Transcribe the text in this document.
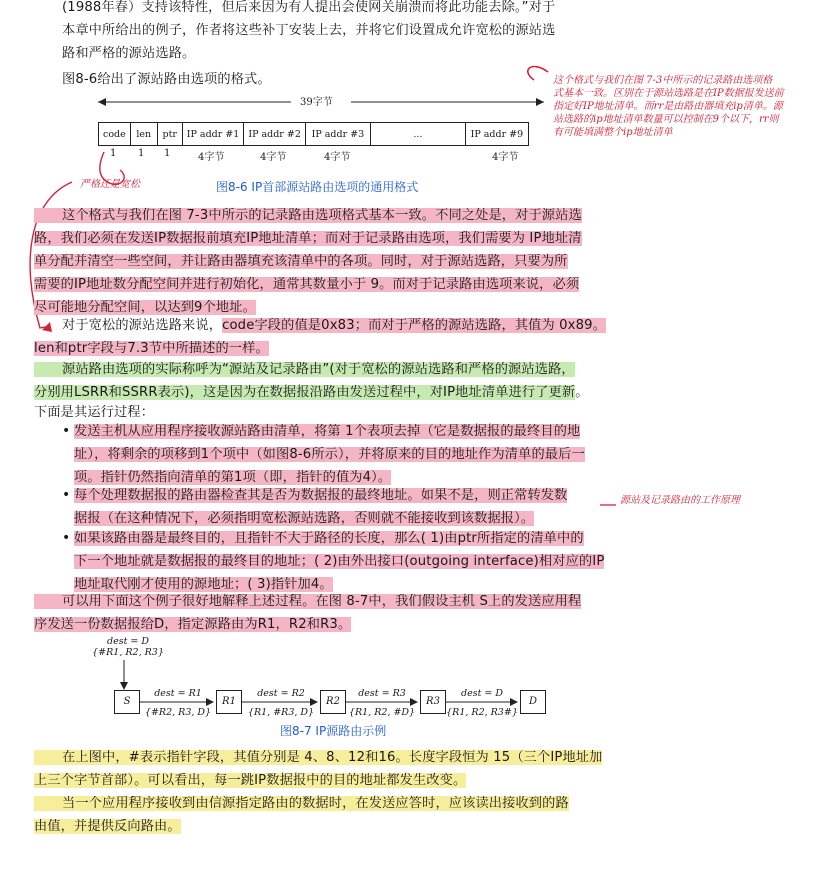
(1988年春）支持该特性，但后来因为有人提出会使网关崩溃而将此功能去除。”对于
本章中所给出的例子，作者将这些补丁安装上去，并将它们设置成允许宽松的源站选
路和严格的源站选路。
图8-6给出了源站路由选项的格式。
39字节
code	len	ptr	IP addr #1	IP addr #2	IP addr #3	...	IP addr #9
1 1 1	4字节	4字节	4字节	4字节
图8-6 IP首部源站路由选项的通用格式
这个格式与我们在图 7-3中所示的记录路由选项格
式基本一致。区别在于源站选路是在IP数据报发送前
指定好IP地址清单。而rr是由路由器填充ip清单。源
站选路的ip地址清单数量可以控制在9个以下，rr则
有可能填满整个ip地址清单
严格还是宽松
源站及记录路由的工作原理
这个格式与我们在图 7-3中所示的记录路由选项格式基本一致。不同之处是，对于源站选
路，我们必须在发送IP数据报前填充IP地址清单；而对于记录路由选项，我们需要为 IP地址清
单分配并清空一些空间，并让路由器填充该清单中的各项。同时，对于源站选路，只要为所
需要的IP地址数分配空间并进行初始化，通常其数量小于 9。而对于记录路由选项来说，必须
尽可能地分配空间，以达到9个地址。
对于宽松的源站选路来说，code字段的值是0x83；而对于严格的源站选路，其值为 0x89。
len和ptr字段与7.3节中所描述的一样。
源站路由选项的实际称呼为“源站及记录路由”(对于宽松的源站选路和严格的源站选路，
分别用LSRR和SSRR表示)，这是因为在数据报沿路由发送过程中，对IP地址清单进行了更新。
下面是其运行过程：
• 发送主机从应用程序接收源站路由清单，将第 1个表项去掉（它是数据报的最终目的地
址），将剩余的项移到1个项中（如图8-6所示），并将原来的目的地址作为清单的最后一
项。指针仍然指向清单的第1项（即，指针的值为4）。
• 每个处理数据报的路由器检查其是否为数据报的最终地址。如果不是，则正常转发数
据报（在这种情况下，必须指明宽松源站选路，否则就不能接收到该数据报）。
• 如果该路由器是最终目的，且指针不大于路径的长度，那么( 1)由ptr所指定的清单中的
下一个地址就是数据报的最终目的地址；( 2)由外出接口(outgoing interface)相对应的IP
地址取代刚才使用的源地址；( 3)指针加4。
可以用下面这个例子很好地解释上述过程。在图 8-7中，我们假设主机 S上的发送应用程
序发送一份数据报给D，指定源路由为R1，R2和R3。
dest = D
{#R1, R2, R3}
S	R1	R2	R3	D
dest = R1
{#R2, R3, D}
dest = R2
{R1, #R3, D}
dest = R3
{R1, R2, #D}
dest = D
{R1, R2, R3#}
图8-7 IP源路由示例
在上图中，#表示指针字段，其值分别是 4、8、12和16。长度字段恒为 15（三个IP地址加
上三个字节首部）。可以看出，每一跳IP数据报中的目的地址都发生改变。
当一个应用程序接收到由信源指定路由的数据时，在发送应答时，应该读出接收到的路
由值，并提供反向路由。
